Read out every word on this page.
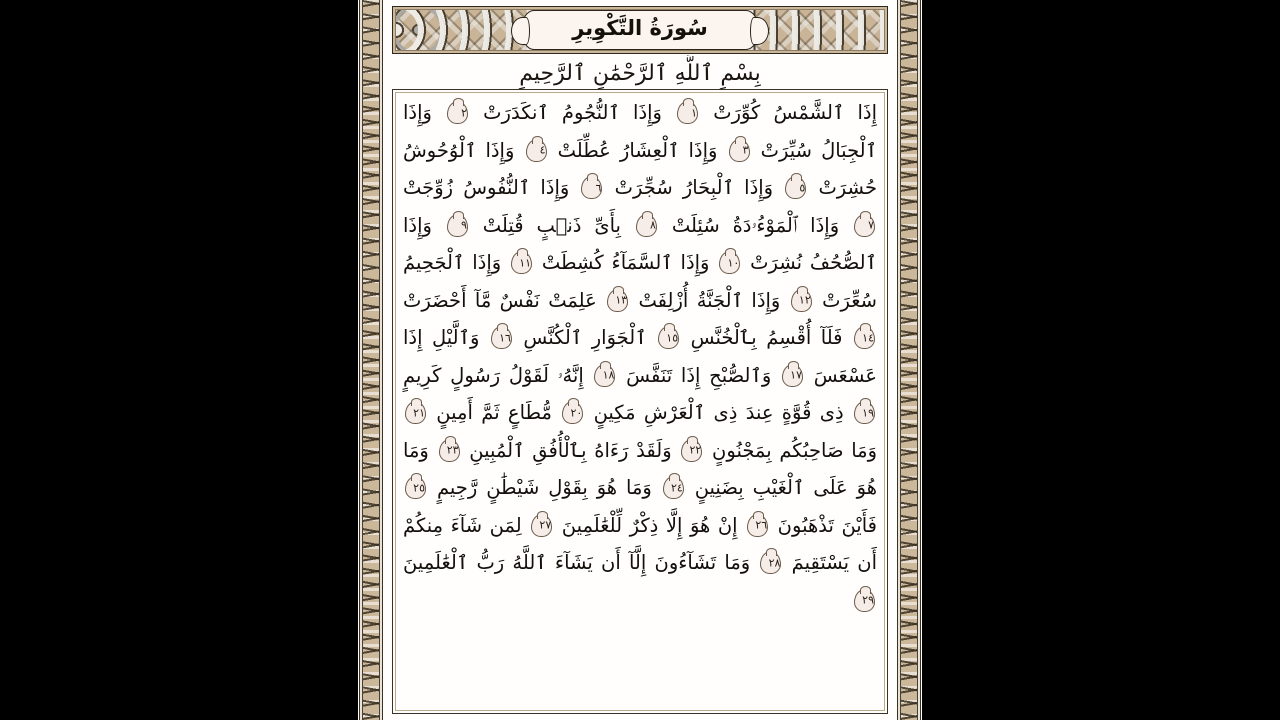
سُورَةُ التَّكْوِيرِ
بِسْمِ ٱللَّهِ ٱلرَّحْمَٰنِ ٱلرَّحِيمِ
إِذَا ٱلشَّمْسُ كُوِّرَتْ
١
وَإِذَا ٱلنُّجُومُ ٱنكَدَرَتْ
٢
وَإِذَا ٱلْجِبَالُ سُيِّرَتْ
٣
وَإِذَا ٱلْعِشَارُ عُطِّلَتْ
٤
وَإِذَا ٱلْوُحُوشُ حُشِرَتْ
٥
وَإِذَا ٱلْبِحَارُ سُجِّرَتْ
٦
وَإِذَا ٱلنُّفُوسُ زُوِّجَتْ
٧
وَإِذَا ٱلْمَوْءُۥدَةُ سُئِلَتْ
٨
بِأَىِّ ذَنۢبٍ قُتِلَتْ
٩
وَإِذَا ٱلصُّحُفُ نُشِرَتْ
١٠
وَإِذَا ٱلسَّمَآءُ كُشِطَتْ
١١
وَإِذَا ٱلْجَحِيمُ سُعِّرَتْ
١٢
وَإِذَا ٱلْجَنَّةُ أُزْلِفَتْ
١٣
عَلِمَتْ نَفْسٌ مَّآ أَحْضَرَتْ
١٤
فَلَآ أُقْسِمُ بِٱلْخُنَّسِ
١٥
ٱلْجَوَارِ ٱلْكُنَّسِ
١٦
وَٱلَّيْلِ إِذَا عَسْعَسَ
١٧
وَٱلصُّبْحِ إِذَا تَنَفَّسَ
١٨
إِنَّهُۥ لَقَوْلُ رَسُولٍ كَرِيمٍ
١٩
ذِى قُوَّةٍ عِندَ ذِى ٱلْعَرْشِ مَكِينٍ
٢٠
مُّطَاعٍ ثَمَّ أَمِينٍ
٢١
وَمَا صَاحِبُكُم بِمَجْنُونٍ
٢٢
وَلَقَدْ رَءَاهُ بِٱلْأُفُقِ ٱلْمُبِينِ
٢٣
وَمَا هُوَ عَلَى ٱلْغَيْبِ بِضَنِينٍ
٢٤
وَمَا هُوَ بِقَوْلِ شَيْطَٰنٍ رَّجِيمٍ
٢٥
فَأَيْنَ تَذْهَبُونَ
٢٦
إِنْ هُوَ إِلَّا ذِكْرٌ لِّلْعَٰلَمِينَ
٢٧
لِمَن شَآءَ مِنكُمْ أَن يَسْتَقِيمَ
٢٨
وَمَا تَشَآءُونَ إِلَّآ أَن يَشَآءَ ٱللَّهُ رَبُّ ٱلْعَٰلَمِينَ
٢٩
